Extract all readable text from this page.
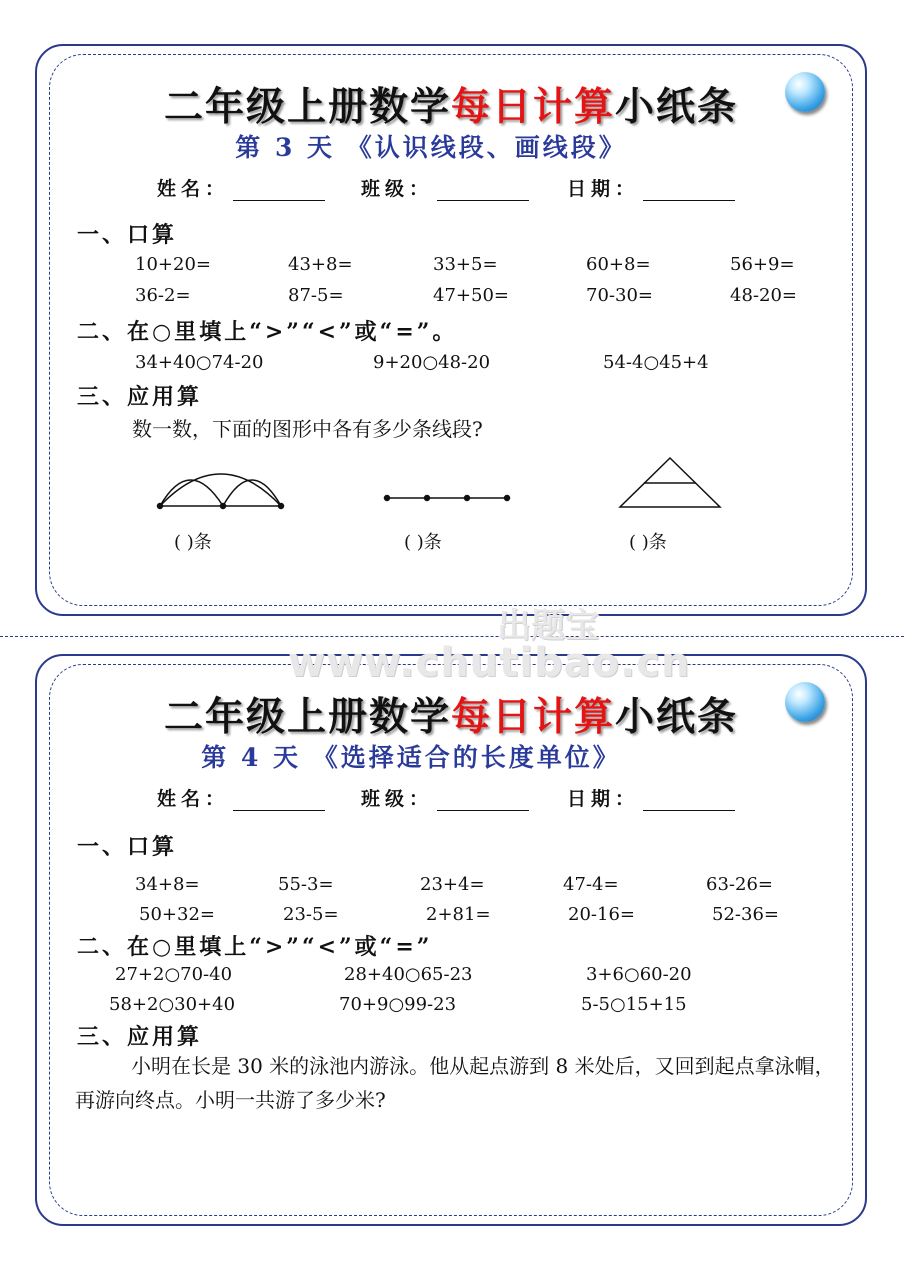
二年级上册数学每日计算小纸条
第 3 天 《认识线段、画线段》
姓名：	班级：	日期：
一、口算
10+20=	43+8=	33+5=	60+8=	56+9=
36-2=	87-5=	47+50=	70-30=	48-20=
二、在○里填上“>”“<”或“=”。
34+40○74-20	9+20○48-20	54-4○45+4
三、应用算
数一数，下面的图形中各有多少条线段?
( )条	( )条	( )条
二年级上册数学每日计算小纸条
第 4 天 《选择适合的长度单位》
姓名：	班级：	日期：
一、口算
34+8=	55-3=	23+4=	47-4=	63-26=
50+32=	23-5=	2+81=	20-16=	52-36=
二、在○里填上“>”“<”或“=”
27+2○70-40	28+40○65-23	3+6○60-20
58+2○30+40	70+9○99-23	5-5○15+15
三、应用算
小明在长是 30 米的泳池内游泳。他从起点游到 8 米处后，又回到起点拿泳帽，再游向终点。小明一共游了多少米?
出题宝
www.chutibao.cn
